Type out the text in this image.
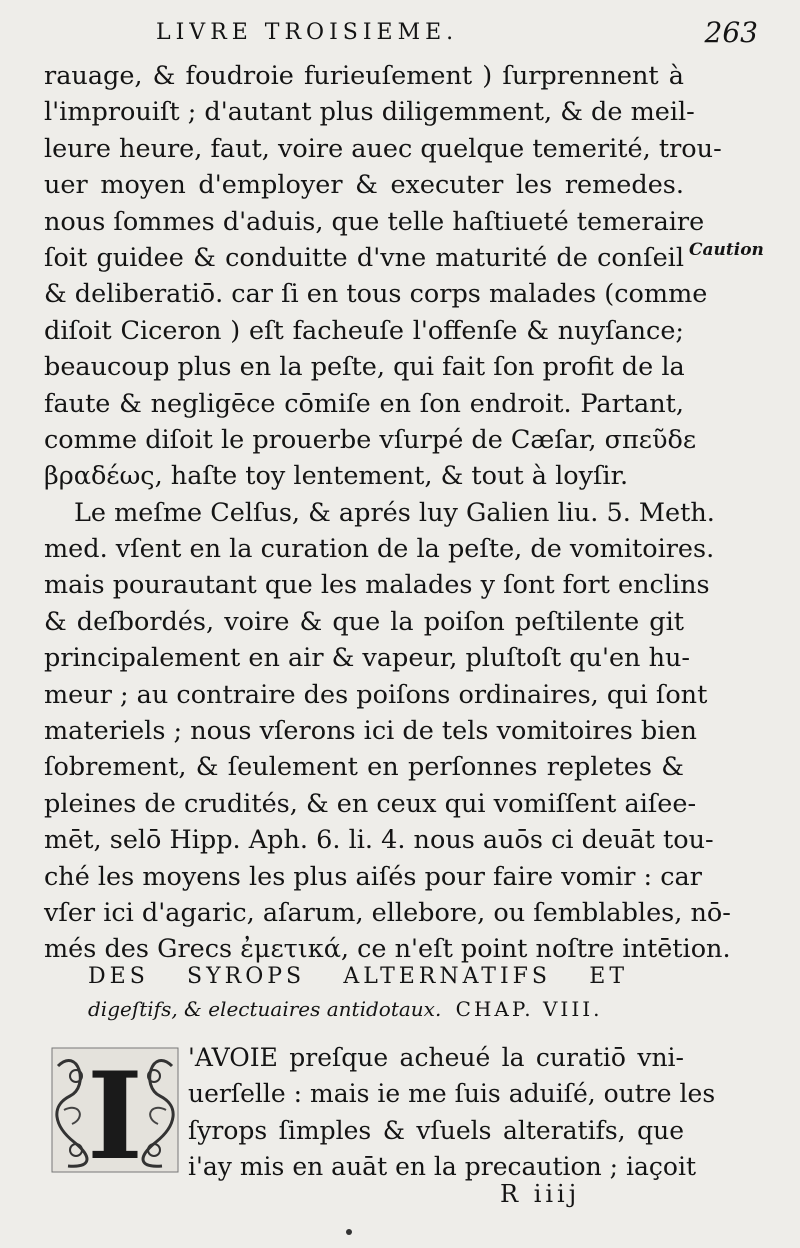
LIVRE TROISIEME.	263
rauage, & foudroie furieuſement ) ſurprennent à
l'improuiſt ; d'autant plus diligemment, & de meil-
leure heure, faut, voire auec quelque temerité, trou-
uer moyen d'employer & executer les remedes.
nous ſommes d'aduis, que telle haſtiueté temeraire
ſoit guidee & conduitte d'vne maturité de conſeil
& deliberatiō. car ſi en tous corps malades (comme
diſoit Ciceron ) eſt facheuſe l'offenſe & nuyſance;
beaucoup plus en la peſte, qui fait ſon profit de la
faute & negligēce cōmiſe en ſon endroit. Partant,
comme diſoit le prouerbe vſurpé de Cæſar, σπεῦδε
βραδέως, haſte toy lentement, & tout à loyſir.
Le meſme Celſus, & aprés luy Galien liu. 5. Meth.
med. vſent en la curation de la peſte, de vomitoires.
mais pourautant que les malades y ſont fort enclins
& deſbordés, voire & que la poiſon peſtilente git
principalement en air & vapeur, pluſtoſt qu'en hu-
meur ; au contraire des poiſons ordinaires, qui ſont
materiels ; nous vſerons ici de tels vomitoires bien
ſobrement, & ſeulement en perſonnes repletes &
pleines de crudités, & en ceux qui vomiſſent aiſee-
mēt, selō Hipp. Aph. 6. li. 4. nous auōs ci deuāt tou-
ché les moyens les plus aiſés pour faire vomir : car
vſer ici d'agaric, aſarum, ellebore, ou ſemblables, nō-
més des Grecs ἐμετικά, ce n'eſt point noſtre intētion.
Caution
DES SYROPS ALTERNATIFS ET
digeſtifs, & electuaires antidotaux. CHAP. VIII.
I 'AVOIE preſque acheué la curatiō vni-
uerſelle : mais ie me ſuis aduiſé, outre les
ſyrops ſimples & vſuels alteratifs, que
i'ay mis en auāt en la precaution ; iaçoit
R iiij
